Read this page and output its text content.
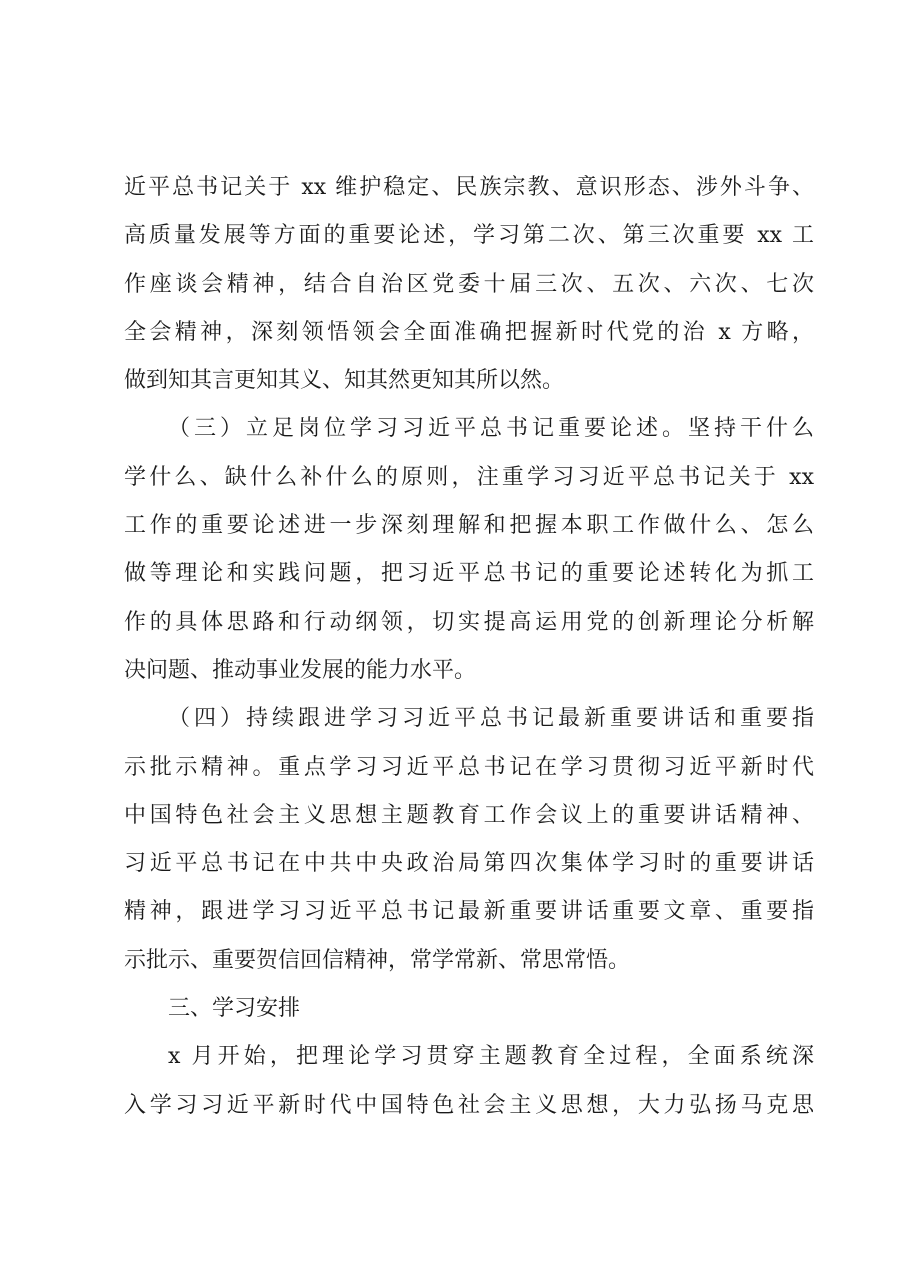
近平总书记关于 xx 维护稳定、民族宗教、意识形态、涉外斗争、
高质量发展等方面的重要论述，学习第二次、第三次重要 xx 工
作座谈会精神，结合自治区党委十届三次、五次、六次、七次
全会精神，深刻领悟领会全面准确把握新时代党的治 x 方略，
做到知其言更知其义、知其然更知其所以然。
（三）立足岗位学习习近平总书记重要论述。坚持干什么
学什么、缺什么补什么的原则，注重学习习近平总书记关于 xx
工作的重要论述进一步深刻理解和把握本职工作做什么、怎么
做等理论和实践问题，把习近平总书记的重要论述转化为抓工
作的具体思路和行动纲领，切实提高运用党的创新理论分析解
决问题、推动事业发展的能力水平。
（四）持续跟进学习习近平总书记最新重要讲话和重要指
示批示精神。重点学习习近平总书记在学习贯彻习近平新时代
中国特色社会主义思想主题教育工作会议上的重要讲话精神、
习近平总书记在中共中央政治局第四次集体学习时的重要讲话
精神，跟进学习习近平总书记最新重要讲话重要文章、重要指
示批示、重要贺信回信精神，常学常新、常思常悟。
三、学习安排
x 月开始，把理论学习贯穿主题教育全过程，全面系统深
入学习习近平新时代中国特色社会主义思想，大力弘扬马克思
